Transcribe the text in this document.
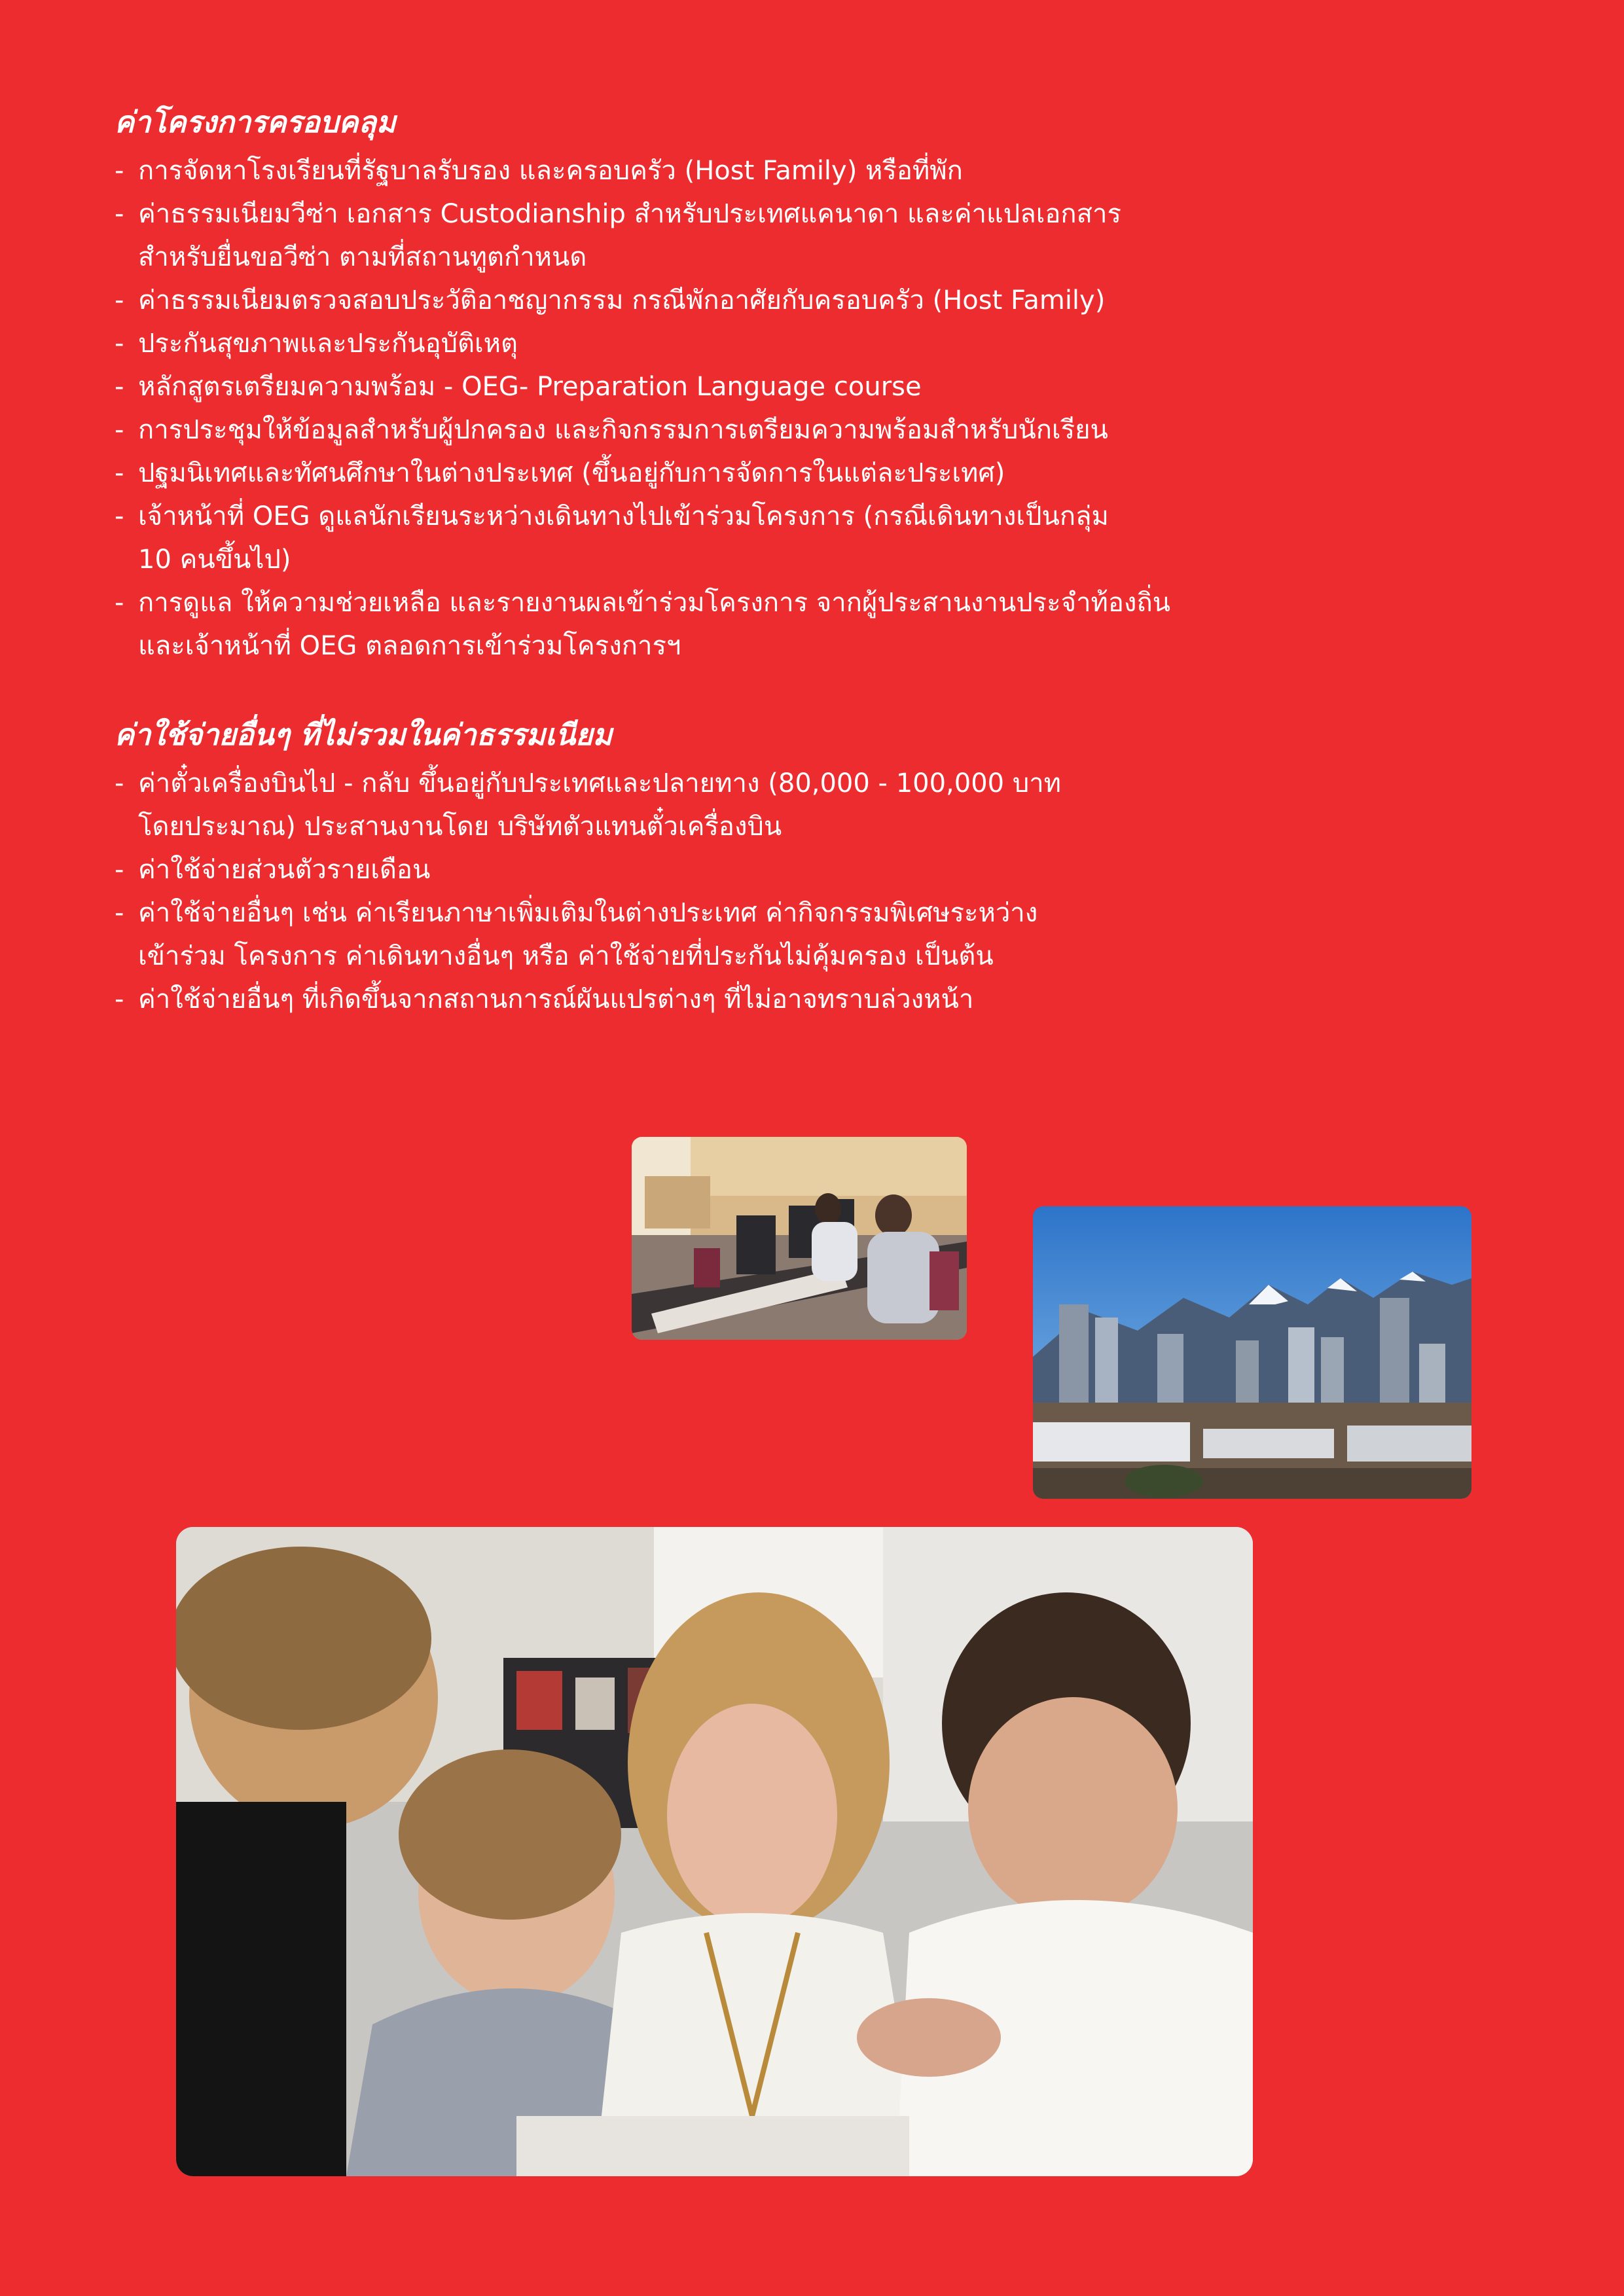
ค่าโครงการครอบคลุม
- การจัดหาโรงเรียนที่รัฐบาลรับรอง และครอบครัว (Host Family) หรือที่พัก
- ค่าธรรมเนียมวีซ่า เอกสาร Custodianship สำหรับประเทศแคนาดา และค่าแปลเอกสาร
สำหรับยื่นขอวีซ่า ตามที่สถานทูตกำหนด
- ค่าธรรมเนียมตรวจสอบประวัติอาชญากรรม กรณีพักอาศัยกับครอบครัว (Host Family)
- ประกันสุขภาพและประกันอุบัติเหตุ
- หลักสูตรเตรียมความพร้อม - OEG- Preparation Language course
- การประชุมให้ข้อมูลสำหรับผู้ปกครอง และกิจกรรมการเตรียมความพร้อมสำหรับนักเรียน
- ปฐมนิเทศและทัศนศึกษาในต่างประเทศ (ขึ้นอยู่กับการจัดการในแต่ละประเทศ)
- เจ้าหน้าที่ OEG ดูแลนักเรียนระหว่างเดินทางไปเข้าร่วมโครงการ (กรณีเดินทางเป็นกลุ่ม
10 คนขึ้นไป)
- การดูแล ให้ความช่วยเหลือ และรายงานผลเข้าร่วมโครงการ จากผู้ประสานงานประจำท้องถิ่น
และเจ้าหน้าที่ OEG ตลอดการเข้าร่วมโครงการฯ
ค่าใช้จ่ายอื่นๆ ที่ไม่รวมในค่าธรรมเนียม
- ค่าตั๋วเครื่องบินไป - กลับ ขึ้นอยู่กับประเทศและปลายทาง (80,000 - 100,000 บาท
โดยประมาณ) ประสานงานโดย บริษัทตัวแทนตั๋วเครื่องบิน
- ค่าใช้จ่ายส่วนตัวรายเดือน
- ค่าใช้จ่ายอื่นๆ เช่น ค่าเรียนภาษาเพิ่มเติมในต่างประเทศ ค่ากิจกรรมพิเศษระหว่าง
เข้าร่วม โครงการ ค่าเดินทางอื่นๆ หรือ ค่าใช้จ่ายที่ประกันไม่คุ้มครอง เป็นต้น
- ค่าใช้จ่ายอื่นๆ ที่เกิดขึ้นจากสถานการณ์ผันแปรต่างๆ ที่ไม่อาจทราบล่วงหน้า
